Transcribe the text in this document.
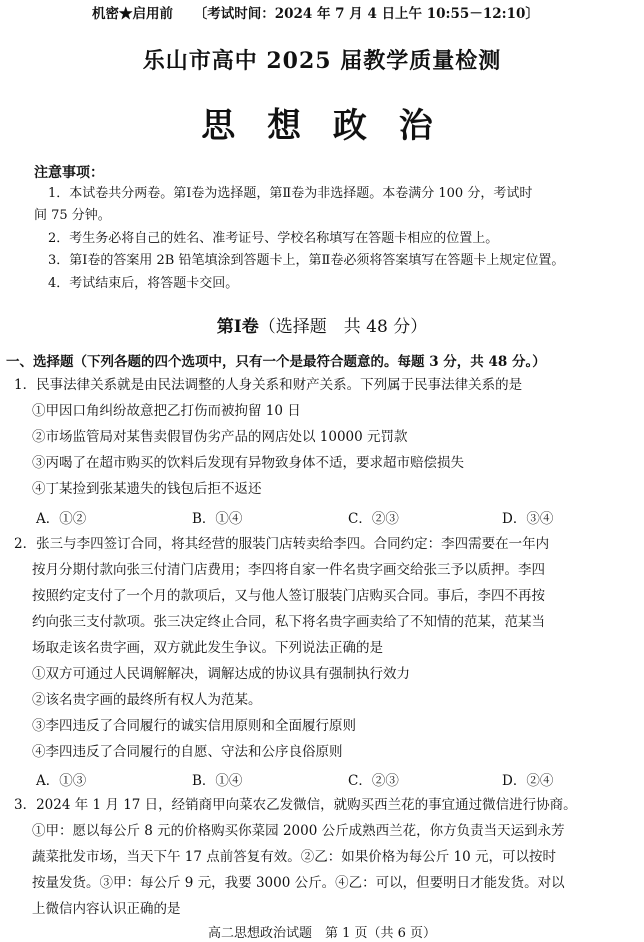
机密★启用前 〔考试时间：2024 年 7 月 4 日上午 10:55－12:10〕
乐山市高中 2025 届教学质量检测
思 想 政 治
注意事项：
1．本试卷共分两卷。第Ⅰ卷为选择题，第Ⅱ卷为非选择题。本卷满分 100 分，考试时
间 75 分钟。
2．考生务必将自己的姓名、准考证号、学校名称填写在答题卡相应的位置上。
3．第Ⅰ卷的答案用 2B 铅笔填涂到答题卡上，第Ⅱ卷必须将答案填写在答题卡上规定位置。
4．考试结束后，将答题卡交回。
第Ⅰ卷（选择题　共 48 分）
一、选择题（下列各题的四个选项中，只有一个是最符合题意的。每题 3 分，共 48 分。）
1．民事法律关系就是由民法调整的人身关系和财产关系。下列属于民事法律关系的是
①甲因口角纠纷故意把乙打伤而被拘留 10 日
②市场监管局对某售卖假冒伪劣产品的网店处以 10000 元罚款
③丙喝了在超市购买的饮料后发现有异物致身体不适，要求超市赔偿损失
④丁某捡到张某遗失的钱包后拒不返还
A．①②	B．①④	C．②③	D．③④
2．张三与李四签订合同，将其经营的服装门店转卖给李四。合同约定：李四需要在一年内
按月分期付款向张三付清门店费用；李四将自家一件名贵字画交给张三予以质押。李四
按照约定支付了一个月的款项后，又与他人签订服装门店购买合同。事后，李四不再按
约向张三支付款项。张三决定终止合同，私下将名贵字画卖给了不知情的范某，范某当
场取走该名贵字画，双方就此发生争议。下列说法正确的是
①双方可通过人民调解解决，调解达成的协议具有强制执行效力
②该名贵字画的最终所有权人为范某。
③李四违反了合同履行的诚实信用原则和全面履行原则
④李四违反了合同履行的自愿、守法和公序良俗原则
A．①③	B．①④	C．②③	D．②④
3．2024 年 1 月 17 日，经销商甲向菜农乙发微信，就购买西兰花的事宜通过微信进行协商。
①甲：愿以每公斤 8 元的价格购买你菜园 2000 公斤成熟西兰花，你方负责当天运到永芳
蔬菜批发市场，当天下午 17 点前答复有效。②乙：如果价格为每公斤 10 元，可以按时
按量发货。③甲：每公斤 9 元，我要 3000 公斤。④乙：可以，但要明日才能发货。对以
上微信内容认识正确的是
高二思想政治试题　第 1 页（共 6 页）
